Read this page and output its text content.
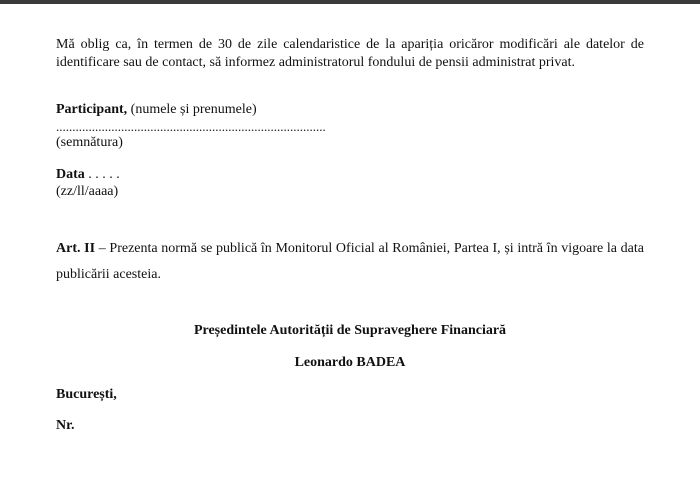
Mă oblig ca, în termen de 30 de zile calendaristice de la apariția oricăror modificări ale datelor de identificare sau de contact, să informez administratorul fondului de pensii administrat privat.

Participant, (numele și prenumele)
...................................................................................
(semnătura)
Data . . . . .
(zz/ll/aaaa)
Art. II – Prezenta normă se publică în Monitorul Oficial al României, Partea I, și intră în vigoare la data publicării acesteia.
Președintele Autorității de Supraveghere Financiară
Leonardo BADEA
București,
Nr.
